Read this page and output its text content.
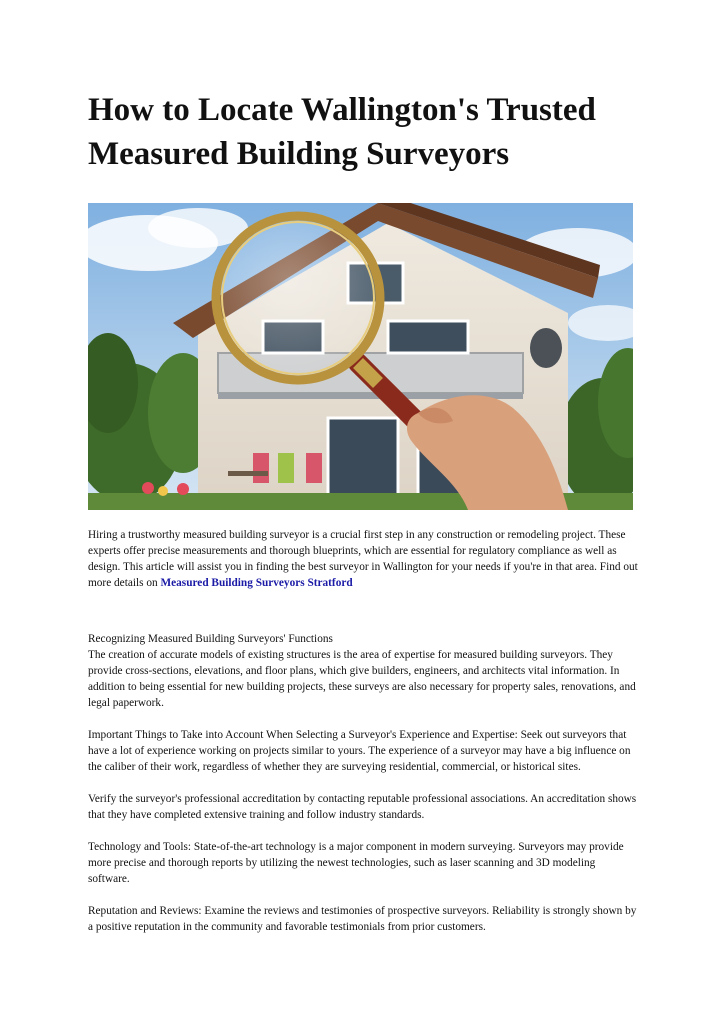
How to Locate Wallington's Trusted Measured Building Surveyors

Hiring a trustworthy measured building surveyor is a crucial first step in any construction or remodeling project. These experts offer precise measurements and thorough blueprints, which are essential for regulatory compliance as well as design. This article will assist you in finding the best surveyor in Wallington for your needs if you're in that area. Find out more details on Measured Building Surveyors Stratford

Recognizing Measured Building Surveyors' Functions

The creation of accurate models of existing structures is the area of expertise for measured building surveyors. They provide cross-sections, elevations, and floor plans, which give builders, engineers, and architects vital information. In addition to being essential for new building projects, these surveys are also necessary for property sales, renovations, and legal paperwork.

Important Things to Take into Account When Selecting a Surveyor's Experience and Expertise: Seek out surveyors that have a lot of experience working on projects similar to yours. The experience of a surveyor may have a big influence on the caliber of their work, regardless of whether they are surveying residential, commercial, or historical sites.

Verify the surveyor's professional accreditation by contacting reputable professional associations. An accreditation shows that they have completed extensive training and follow industry standards.

Technology and Tools: State-of-the-art technology is a major component in modern surveying. Surveyors may provide more precise and thorough reports by utilizing the newest technologies, such as laser scanning and 3D modeling software.

Reputation and Reviews: Examine the reviews and testimonies of prospective surveyors. Reliability is strongly shown by a positive reputation in the community and favorable testimonials from prior customers.
